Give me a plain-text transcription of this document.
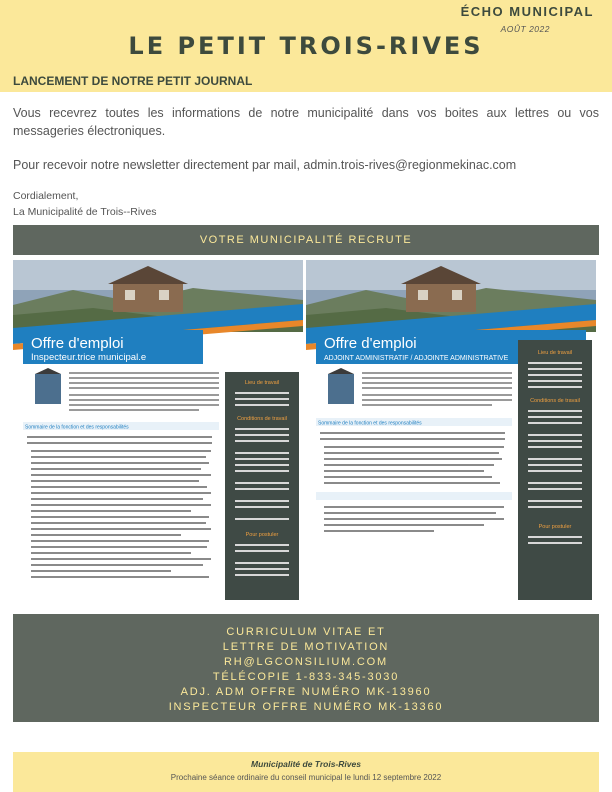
ÉCHO MUNICIPAL
AOÛT 2022
LE PETIT TROIS-RIVES
LANCEMENT DE NOTRE PETIT JOURNAL

Vous recevrez toutes les informations de notre municipalité dans vos boites aux lettres ou vos messageries électroniques.

Pour recevoir notre newsletter directement par mail, admin.trois-rives@regionmekinac.com

Cordialement,
La Municipalité de Trois--Rives
VOTRE MUNICIPALITÉ RECRUTE
Offre d'emploi
Inspecteur.trice municipal.e
Sommaire de la fonction et des responsabilités
Lieu de travail
Conditions de travail
Pour postuler
Offre d'emploi
ADJOINT ADMINISTRATIF / ADJOINTE ADMINISTRATIVE
Sommaire de la fonction et des responsabilités
Lieu de travail
Conditions de travail
Pour postuler
CURRICULUM VITAE ET
LETTRE DE MOTIVATION
RH@LGCONSILIUM.COM
TÉLÉCOPIE 1-833-345-3030
ADJ. ADM OFFRE NUMÉRO MK-13960
INSPECTEUR OFFRE NUMÉRO MK-13360
Municipalité de Trois-Rives
Prochaine séance ordinaire du conseil municipal le lundi 12 septembre 2022
